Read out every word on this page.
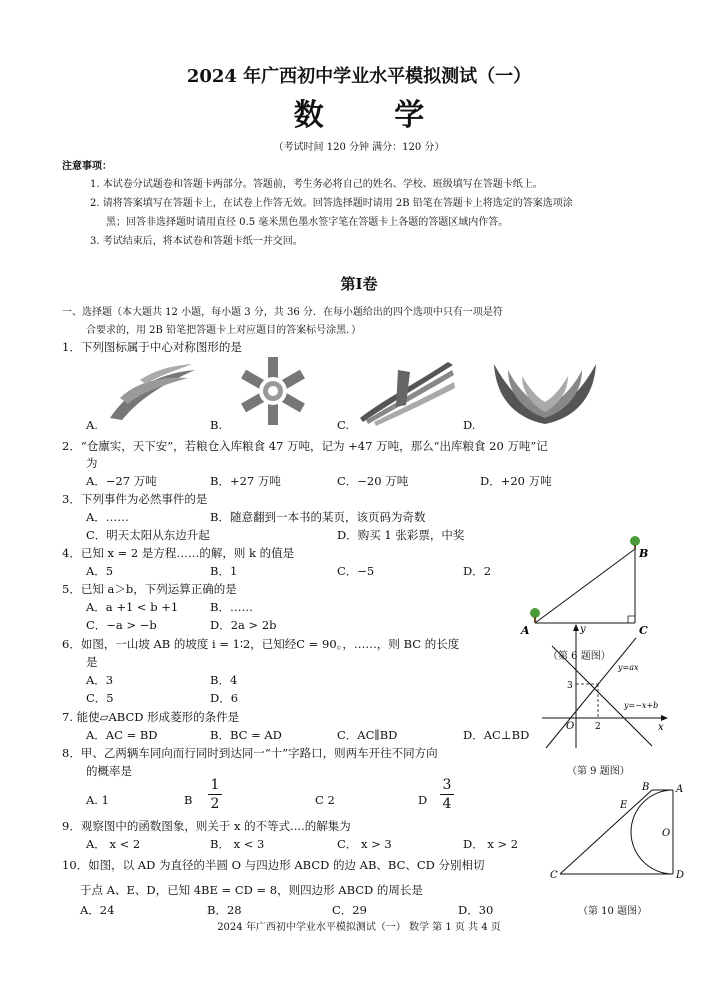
2024 年广西初中学业水平模拟测试（一）
数 学
（考试时间 120 分钟 满分：120 分）
注意事项：
1. 本试卷分试题卷和答题卡两部分。答题前，考生务必将自己的姓名、学校、班级填写在答题卡纸上。
2. 请将答案填写在答题卡上，在试卷上作答无效。回答选择题时请用 2B 铅笔在答题卡上将选定的答案选项涂
黑；回答非选择题时请用直径 0.5 毫米黑色墨水签字笔在答题卡上各题的答题区域内作答。
3. 考试结束后，将本试卷和答题卡纸一并交回。
第Ⅰ卷
一、选择题（本大题共 12 小题，每小题 3 分，共 36 分．在每小题给出的四个选项中只有一项是符
合要求的，用 2B 铅笔把答题卡上对应题目的答案标号涂黑．）
1．下列图标属于中心对称图形的是
A.	B.	C.	D.
2．“仓廪实，天下安”，若粮仓入库粮食 47 万吨，记为 +47 万吨，那么“出库粮食 20 万吨”记
为
A．−27 万吨	B．+27 万吨	C．−20 万吨	D．+20 万吨
3．下列事件为必然事件的是
A．……	B．随意翻到一本书的某页，该页码为奇数
C．明天太阳从东边升起	D．购买 1 张彩票，中奖
4．已知 x = 2 是方程……的解，则 k 的值是
A．5	B．1	C．−5	D．2
5．已知 a＞b，下列运算正确的是
A．a +1 < b +1	B．……
C．−a > −b	D．2a > 2b
6．如图，一山坡 AB 的坡度 i = 1∶2，已知经C = 90。，……，则 BC 的长度
是
A．3	B．4
C．5	D．6
7. 能使▱ABCD 形成菱形的条件是
A．AC = BD	B．BC = AD	C．AC∥BD	D．AC⊥BD
8．甲、乙两辆车同向而行同时到达同一“十”字路口，则两车开往不同方向
的概率是
A. 1	B
1
2	C 2	D
3
4
9．观察图中的函数图象，则关于 x 的不等式....的解集为
A． x < 2	B． x < 3	C． x > 3	D． x > 2
10．如图，以 AD 为直径的半圆 O 与四边形 ABCD 的边 AB、BC、CD 分别相切
于点 A、E、D，已知 4BE = CD = 8，则四边形 ABCD 的周长是
A．24	B．28	C．29	D．30
A
B
C
（第 6 题图）
y
x
O
3
2
y=ax
y=−x+b
（第 9 题图）
A
B
C	D
E
O
（第 10 题图）
2024 年广西初中学业水平模拟测试（一） 数学 第 1 页 共 4 页
